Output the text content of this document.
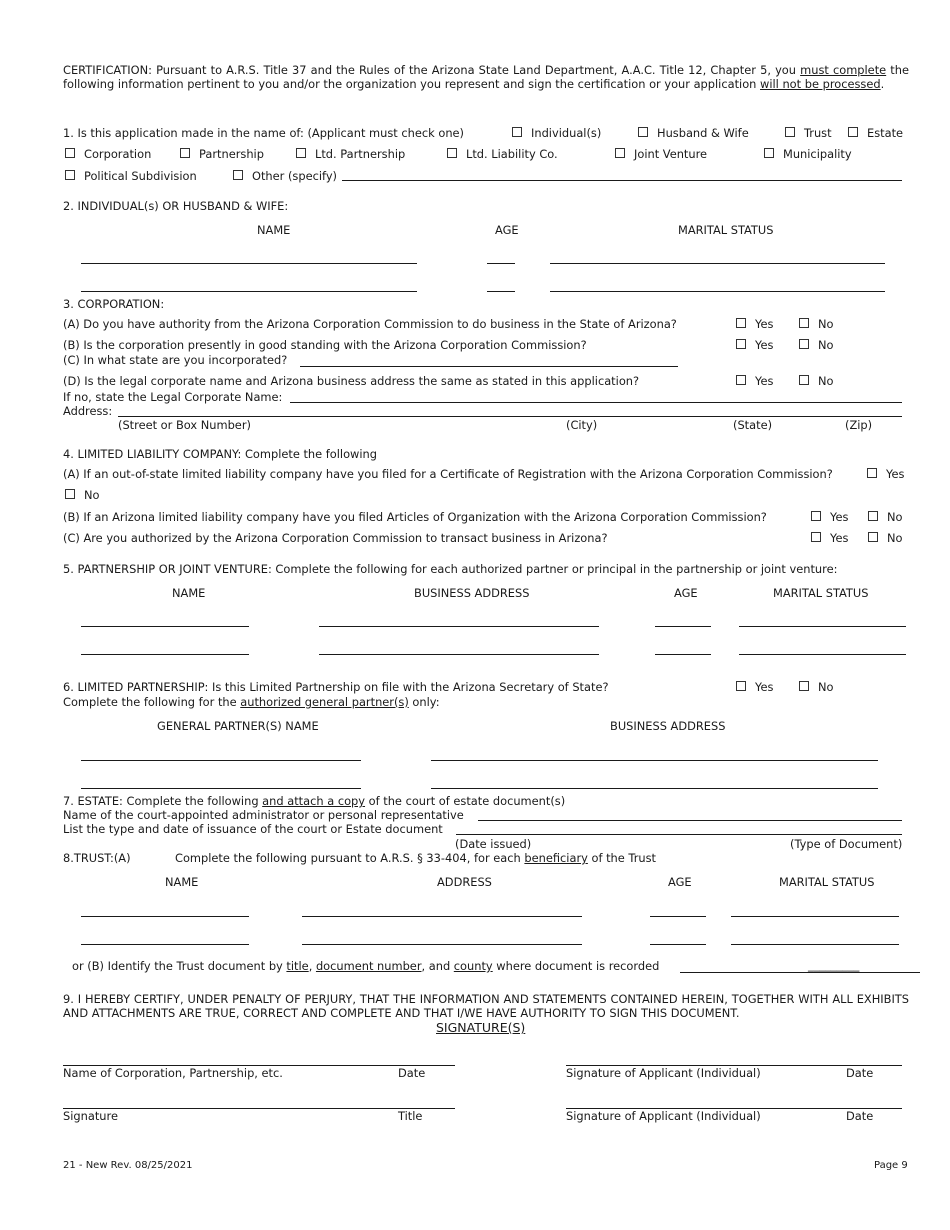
CERTIFICATION: Pursuant to A.R.S. Title 37 and the Rules of the Arizona State Land Department, A.A.C. Title 12, Chapter 5, you must complete the following information pertinent to you and/or the organization you represent and sign the certification or your application will not be processed.
1. Is this application made in the name of: (Applicant must check one)	Individual(s)	Husband & Wife	Trust	Estate
Corporation	Partnership	Ltd. Partnership	Ltd. Liability Co.	Joint Venture	Municipality
Political Subdivision	Other (specify)
2. INDIVIDUAL(s) OR HUSBAND & WIFE:
NAME	AGE	MARITAL STATUS
3. CORPORATION:
(A) Do you have authority from the Arizona Corporation Commission to do business in the State of Arizona?	Yes	No
(B) Is the corporation presently in good standing with the Arizona Corporation Commission?	Yes	No
(C) In what state are you incorporated?
(D) Is the legal corporate name and Arizona business address the same as stated in this application?	Yes	No
If no, state the Legal Corporate Name:
Address:
(Street or Box Number)	(City)	(State)	(Zip)
4. LIMITED LIABILITY COMPANY: Complete the following
(A) If an out-of-state limited liability company have you filed for a Certificate of Registration with the Arizona Corporation Commission?	Yes
No
(B) If an Arizona limited liability company have you filed Articles of Organization with the Arizona Corporation Commission?	Yes	No
(C) Are you authorized by the Arizona Corporation Commission to transact business in Arizona?	Yes	No
5. PARTNERSHIP OR JOINT VENTURE: Complete the following for each authorized partner or principal in the partnership or joint venture:
NAME	BUSINESS ADDRESS	AGE	MARITAL STATUS
6. LIMITED PARTNERSHIP: Is this Limited Partnership on file with the Arizona Secretary of State?	Yes	No
Complete the following for the authorized general partner(s) only:
GENERAL PARTNER(S) NAME	BUSINESS ADDRESS
7. ESTATE: Complete the following and attach a copy of the court of estate document(s)
Name of the court-appointed administrator or personal representative
List the type and date of issuance of the court or Estate document
(Date issued)	(Type of Document)
8.TRUST:(A)	Complete the following pursuant to A.R.S. § 33-404, for each beneficiary of the Trust
NAME	ADDRESS	AGE	MARITAL STATUS
or (B) Identify the Trust document by title, document number, and county where document is recorded	_________
9. I HEREBY CERTIFY, UNDER PENALTY OF PERJURY, THAT THE INFORMATION AND STATEMENTS CONTAINED HEREIN, TOGETHER WITH ALL EXHIBITS AND ATTACHMENTS ARE TRUE, CORRECT AND COMPLETE AND THAT I/WE HAVE AUTHORITY TO SIGN THIS DOCUMENT.
SIGNATURE(S)
Name of Corporation, Partnership, etc.	Date	Signature of Applicant (Individual)	Date
Signature	Title	Signature of Applicant (Individual)	Date
21 - New Rev. 08/25/2021	Page 9
